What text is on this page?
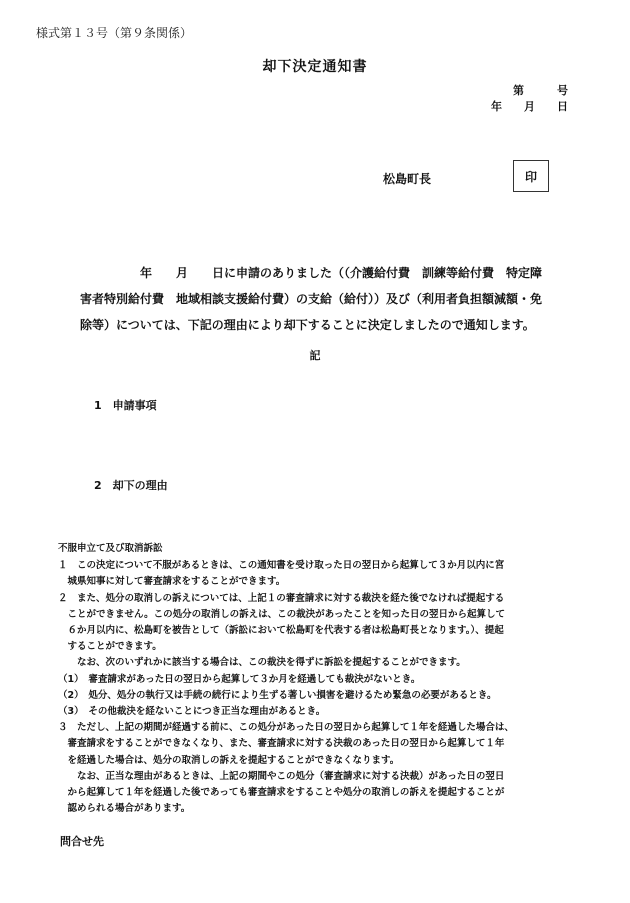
様式第１３号（第９条関係）
却下決定通知書
第　　　号
年　　月　　日
松島町長	印
　　　　　年　　月　　日に申請のありました（（介護給付費　訓練等給付費　特定障
害者特別給付費　地域相談支援給付費）の支給（給付））及び（利用者負担額減額・免
除等）については、下記の理由により却下することに決定しましたので通知します。
記
1　申請事項
2　却下の理由
不服申立て及び取消訴訟
１　この決定について不服があるときは、この通知書を受け取った日の翌日から起算して３か月以内に宮
　城県知事に対して審査請求をすることができます。
２　また、処分の取消しの訴えについては、上記１の審査請求に対する裁決を経た後でなければ提起する
　ことができません。この処分の取消しの訴えは、この裁決があったことを知った日の翌日から起算して
　６か月以内に、松島町を被告として（訴訟において松島町を代表する者は松島町長となります。）、提起
　することができます。
　　なお、次のいずれかに該当する場合は、この裁決を得ずに訴訟を提起することができます。
（1）　審査請求があった日の翌日から起算して３か月を経過しても裁決がないとき。
（2）　処分、処分の執行又は手続の続行により生ずる著しい損害を避けるため緊急の必要があるとき。
（3）　その他裁決を経ないことにつき正当な理由があるとき。
３　ただし、上記の期間が経過する前に、この処分があった日の翌日から起算して１年を経過した場合は、
　審査請求をすることができなくなり、また、審査請求に対する決裁のあった日の翌日から起算して１年
　を経過した場合は、処分の取消しの訴えを提起することができなくなります。
　　なお、正当な理由があるときは、上記の期間やこの処分（審査請求に対する決裁）があった日の翌日
　から起算して１年を経過した後であっても審査請求をすることや処分の取消しの訴えを提起することが
　認められる場合があります。
問合せ先
